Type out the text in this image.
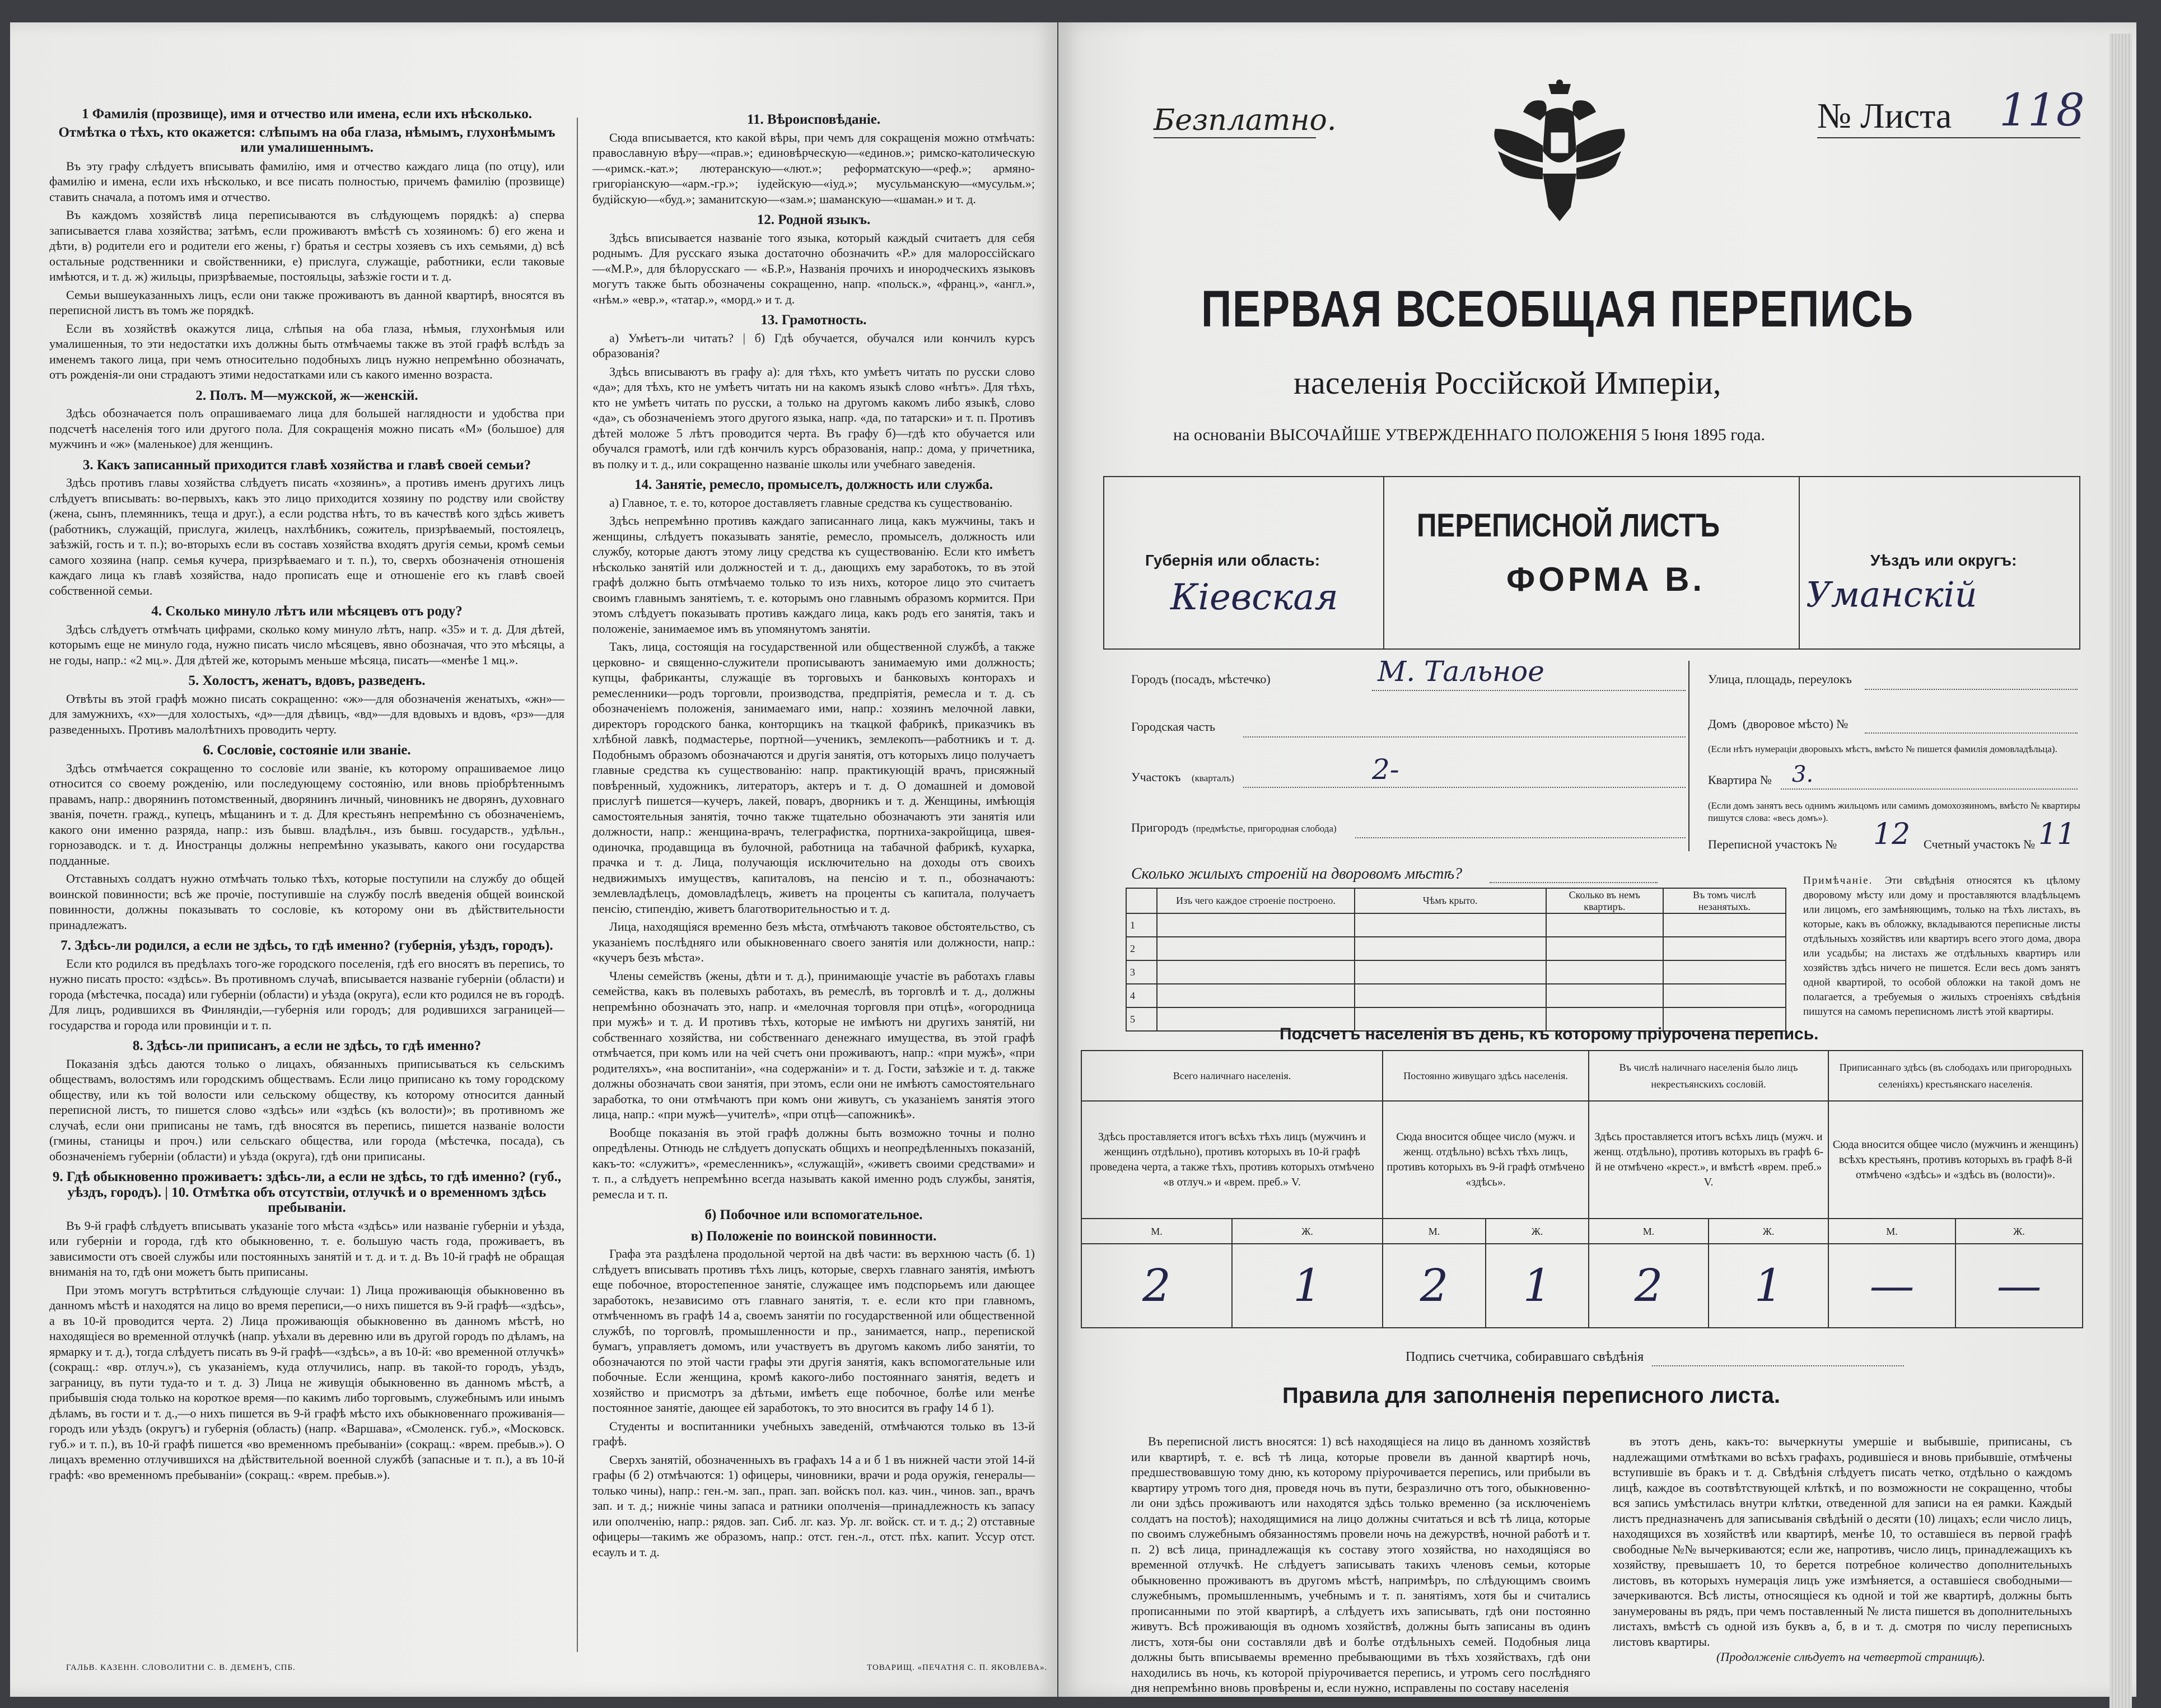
1 Фамилія (прозвище), имя и отчество или имена, если ихъ нѣсколько.

Отмѣтка о тѣхъ, кто окажется: слѣпымъ на оба глаза, нѣмымъ, глухонѣмымъ или умалишеннымъ.

Въ эту графу слѣдуетъ вписывать фамилію, имя и отчество каждаго лица (по отцу), или фамилію и имена, если ихъ нѣсколько, и все писать полностью, причемъ фамилію (прозвище) ставить сначала, а потомъ имя и отчество.

Въ каждомъ хозяйствѣ лица переписываются въ слѣдующемъ порядкѣ: а) сперва записывается глава хозяйства; затѣмъ, если проживаютъ вмѣстѣ съ хозяиномъ: б) его жена и дѣти, в) родители его и родители его жены, г) братья и сестры хозяевъ съ ихъ семьями, д) всѣ остальные родственники и свойственники, е) прислуга, служащіе, работники, если таковые имѣются, и т. д. ж) жильцы, призрѣваемые, постояльцы, заѣзжіе гости и т. д.

Семьи вышеуказанныхъ лицъ, если они также проживаютъ въ данной квартирѣ, вносятся въ переписной листъ въ томъ же порядкѣ.

Если въ хозяйствѣ окажутся лица, слѣпыя на оба глаза, нѣмыя, глухонѣмыя или умалишенныя, то эти недостатки ихъ должны быть отмѣчаемы также въ этой графѣ вслѣдъ за именемъ такого лица, при чемъ относительно подобныхъ лицъ нужно непремѣнно обозначать, отъ рожденія-ли они страдаютъ этими недостатками или съ какого именно возраста.

2. Полъ. М—мужской, ж—женскій.

Здѣсь обозначается полъ опрашиваемаго лица для большей наглядности и удобства при подсчетѣ населенія того или другого пола. Для сокращенія можно писать «М» (большое) для мужчинъ и «ж» (маленькое) для женщинъ.

3. Какъ записанный приходится главѣ хозяйства и главѣ своей семьи?

Здѣсь противъ главы хозяйства слѣдуетъ писать «хозяинъ», а противъ именъ другихъ лицъ слѣдуетъ вписывать: во-первыхъ, какъ это лицо приходится хозяину по родству или свойству (жена, сынъ, племянникъ, теща и друг.), а если родства нѣтъ, то въ качествѣ кого здѣсь живетъ (работникъ, служащій, прислуга, жилецъ, нахлѣбникъ, сожитель, призрѣваемый, постоялецъ, заѣзжій, гость и т. п.); во-вторыхъ если въ составъ хозяйства входятъ другія семьи, кромѣ семьи самого хозяина (напр. семья кучера, призрѣваемаго и т. п.), то, сверхъ обозначенія отношенія каждаго лица къ главѣ хозяйства, надо прописать еще и отношеніе его къ главѣ своей собственной семьи.

4. Сколько минуло лѣтъ или мѣсяцевъ отъ роду?

Здѣсь слѣдуетъ отмѣчать цифрами, сколько кому минуло лѣтъ, напр. «35» и т. д. Для дѣтей, которымъ еще не минуло года, нужно писать число мѣсяцевъ, явно обозначая, что это мѣсяцы, а не годы, напр.: «2 мц.». Для дѣтей же, которымъ меньше мѣсяца, писать—«менѣе 1 мц.».

5. Холостъ, женатъ, вдовъ, разведенъ.

Отвѣты въ этой графѣ можно писать сокращенно: «ж»—для обозначенія женатыхъ, «жн»—для замужнихъ, «х»—для холостыхъ, «д»—для дѣвицъ, «вд»—для вдовыхъ и вдовъ, «рз»—для разведенныхъ. Противъ малолѣтнихъ проводить черту.

6. Сословіе, состояніе или званіе.

Здѣсь отмѣчается сокращенно то сословіе или званіе, къ которому опрашиваемое лицо относится со своему рожденію, или последующему состоянію, или вновь пріобрѣтеннымъ правамъ, напр.: дворянинъ потомственный, дворянинъ личный, чиновникъ не дворянъ, духовнаго званія, почетн. гражд., купецъ, мѣщанинъ и т. д. Для крестьянъ непремѣнно съ обозначеніемъ, какого они именно разряда, напр.: изъ бывш. владѣльч., изъ бывш. государств., удѣльн., горнозаводск. и т. д. Иностранцы должны непремѣнно указывать, какого они государства подданные.

Отставныхъ солдатъ нужно отмѣчать только тѣхъ, которые поступили на службу до общей воинской повинности; всѣ же прочіе, поступившіе на службу послѣ введенія общей воинской повинности, должны показывать то сословіе, къ которому они въ дѣйствительности принадлежатъ.

7. Здѣсь-ли родился, а если не здѣсь, то гдѣ именно? (губернія, уѣздъ, городъ).

Если кто родился въ предѣлахъ того-же городского поселенія, гдѣ его вносятъ въ перепись, то нужно писать просто: «здѣсь». Въ противномъ случаѣ, вписывается названіе губерніи (области) и города (мѣстечка, посада) или губерніи (области) и уѣзда (округа), если кто родился не въ городѣ. Для лицъ, родившихся въ Финляндіи,—губернія или городъ; для родившихся заграницей—государства и города или провинціи и т. п.

8. Здѣсь-ли приписанъ, а если не здѣсь, то гдѣ именно?

Показанія здѣсь даются только о лицахъ, обязанныхъ приписываться къ сельскимъ обществамъ, волостямъ или городскимъ обществамъ. Если лицо приписано къ тому городскому обществу, или къ той волости или сельскому обществу, къ которому относится данный переписной листъ, то пишется слово «здѣсь» или «здѣсь (къ волости)»; въ противномъ же случаѣ, если они приписаны не тамъ, гдѣ вносятся въ перепись, пишется названіе волости (гмины, станицы и проч.) или сельскаго общества, или города (мѣстечка, посада), съ обозначеніемъ губерніи (области) и уѣзда (округа), гдѣ они приписаны.

9. Гдѣ обыкновенно проживаетъ: здѣсь-ли, а если не здѣсь, то гдѣ именно? (губ., уѣздъ, городъ). | 10. Отмѣтка объ отсутствіи, отлучкѣ и о временномъ здѣсь пребываніи.

Въ 9-й графѣ слѣдуетъ вписывать указаніе того мѣста «здѣсь» или названіе губерніи и уѣзда, или губерніи и города, гдѣ кто обыкновенно, т. е. большую часть года, проживаетъ, въ зависимости отъ своей службы или постоянныхъ занятій и т. д. и т. д. Въ 10-й графѣ не обращая вниманія на то, гдѣ они можетъ быть приписаны.

При этомъ могутъ встрѣтиться слѣдующіе случаи: 1) Лица проживающія обыкновенно въ данномъ мѣстѣ и находятся на лицо во время переписи,—о нихъ пишется въ 9-й графѣ—«здѣсь», а въ 10-й проводится черта. 2) Лица проживающія обыкновенно въ данномъ мѣстѣ, но находящіеся во временной отлучкѣ (напр. уѣхали въ деревню или въ другой городъ по дѣламъ, на ярмарку и т. д.), тогда слѣдуетъ писать въ 9-й графѣ—«здѣсь», а въ 10-й: «во временной отлучкѣ» (сокращ.: «вр. отлуч.»), съ указаніемъ, куда отлучились, напр. въ такой-то городъ, уѣздъ, заграницу, въ пути тудa-то и т. д. 3) Лица не живущія обыкновенно въ данномъ мѣстѣ, а прибывшія сюда только на короткое время—по какимъ либо торговымъ, служебнымъ или инымъ дѣламъ, въ гости и т. д.,—о нихъ пишется въ 9-й графѣ мѣсто ихъ обыкновеннаго проживанія—городъ или уѣздъ (округъ) и губернія (область) (напр. «Варшава», «Смоленск. губ.», «Московск. губ.» и т. п.), въ 10-й графѣ пишется «во временномъ пребываніи» (сокращ.: «врем. пребыв.»). О лицахъ временно отлучившихся на дѣйствительной военной службѣ (запасные и т. п.), а въ 10-й графѣ: «во временномъ пребываніи» (сокращ.: «врем. пребыв.»).

11. Вѣроисповѣданіе.

Сюда вписывается, кто какой вѣры, при чемъ для сокращенія можно отмѣчать: православную вѣру—«прав.»; единовѣрческую—«единов.»; римско-католическую—«римск.-кат.»; лютеранскую—«лют.»; реформатскую—«реф.»; армяно-григоріанскую—«арм.-гр.»; іудейскую—«іуд.»; мусульманскую—«мусульм.»; будійскую—«буд.»; заманитскую—«зам.»; шаманскую—«шаман.» и т. д.

12. Родной языкъ.

Здѣсь вписывается названіе того языка, который каждый считаетъ для себя роднымъ. Для русскаго языка достаточно обозначить «Р.» для малороссійскаго—«М.Р.», для бѣлорусскаго — «Б.Р.», Названія прочихъ и инородческихъ языковъ могутъ также быть обозначены сокращенно, напр. «польск.», «франц.», «англ.», «нѣм.» «евр.», «татар.», «морд.» и т. д.

13. Грамотность.

а) Умѣетъ-ли читать? | б) Гдѣ обучается, обучался или кончилъ курсъ образованія?

Здѣсь вписываютъ въ графу а): для тѣхъ, кто умѣетъ читать по русски слово «да»; для тѣхъ, кто не умѣетъ читать ни на какомъ языкѣ слово «нѣтъ». Для тѣхъ, кто не умѣетъ читать по русски, а только на другомъ какомъ либо языкѣ, слово «да», съ обозначеніемъ этого другого языка, напр. «да, по татарски» и т. п. Противъ дѣтей моложе 5 лѣтъ проводится черта. Въ графу б)—гдѣ кто обучается или обучался грамотѣ, или гдѣ кончилъ курсъ образованія, напр.: дома, у причетника, въ полку и т. д., или сокращенно названіе школы или учебнаго заведенія.

14. Занятіе, ремесло, промыселъ, должность или служба.

а) Главное, т. е. то, которое доставляетъ главные средства къ существованію.

Здѣсь непремѣнно противъ каждаго записаннаго лица, какъ мужчины, такъ и женщины, слѣдуетъ показывать занятіе, ремесло, промыселъ, должность или службу, которые даютъ этому лицу средства къ существованію. Если кто имѣетъ нѣсколько занятій или должностей и т. д., дающихъ ему заработокъ, то въ этой графѣ должно быть отмѣчаемо только то изъ нихъ, которое лицо это считаетъ своимъ главнымъ занятіемъ, т. е. которымъ оно главнымъ образомъ кормится. При этомъ слѣдуетъ показывать противъ каждаго лица, какъ родъ его занятія, такъ и положеніе, занимаемое имъ въ упомянутомъ занятіи.

Такъ, лица, состоящія на государственной или общественной службѣ, а также церковно- и священно-служители прописываютъ занимаемую ими должность; купцы, фабриканты, служащіе въ торговыхъ и банковыхъ конторахъ и ремесленники—родъ торговли, производства, предпріятія, ремесла и т. д. съ обозначеніемъ положенія, занимаемаго ими, напр.: хозяинъ мелочной лавки, директоръ городского банка, конторщикъ на ткацкой фабрикѣ, приказчикъ въ хлѣбной лавкѣ, подмастерье, портной—ученикъ, землекопъ—работникъ и т. д. Подобнымъ образомъ обозначаются и другія занятія, отъ которыхъ лицо получаетъ главные средства къ существованію: напр. практикующій врачъ, присяжный повѣренный, художникъ, литераторъ, актеръ и т. д. О домашней и домовой прислугѣ пишется—кучеръ, лакей, поваръ, дворникъ и т. д. Женщины, имѣющія самостоятельныя занятія, точно также тщательно обозначаютъ эти занятія или должности, напр.: женщина-врачъ, телеграфистка, портниха-закройщица, швея-одиночка, продавщица въ булочной, работница на табачной фабрикѣ, кухарка, прачка и т. д. Лица, получающія исключительно на доходы отъ своихъ недвижимыхъ имуществъ, капиталовъ, на пенсію и т. п., обозначаютъ: землевладѣлецъ, домовладѣлецъ, живетъ на проценты съ капитала, получаетъ пенсію, стипендію, живетъ благотворительностью и т. д.

Лица, находящіяся временно безъ мѣста, отмѣчаютъ таковое обстоятельство, съ указаніемъ послѣдняго или обыкновеннаго своего занятія или должности, напр.: «кучеръ безъ мѣста».

Члены семействъ (жены, дѣти и т. д.), принимающіе участіе въ работахъ главы семейства, какъ въ полевыхъ работахъ, въ ремеслѣ, въ торговлѣ и т. д., должны непремѣнно обозначать это, напр. и «мелочная торговля при отцѣ», «огородница при мужѣ» и т. д. И противъ тѣхъ, которые не имѣютъ ни другихъ занятій, ни собственнаго хозяйства, ни собственнаго денежнаго имущества, въ этой графѣ отмѣчается, при комъ или на чей счетъ они проживаютъ, напр.: «при мужѣ», «при родителяхъ», «на воспитаніи», «на содержаніи» и т. д. Гости, заѣзжіе и т. д. также должны обозначать свои занятія, при этомъ, если они не имѣютъ самостоятельнаго заработка, то они отмѣчаютъ при комъ они живутъ, съ указаніемъ занятія этого лица, напр.: «при мужѣ—учителѣ», «при отцѣ—сапожникѣ».

Вообще показанія въ этой графѣ должны быть возможно точны и полно опредѣлены. Отнюдь не слѣдуетъ допускать общихъ и неопредѣленныхъ показаній, какъ-то: «служитъ», «ремесленникъ», «служащій», «живетъ своими средствами» и т. п., а слѣдуетъ непремѣнно всегда называть какой именно родъ службы, занятія, ремесла и т. п.

б) Побочное или вспомогательное.
в) Положеніе по воинской повинности.

Графа эта раздѣлена продольной чертой на двѣ части: въ верхнюю часть (б. 1) слѣдуетъ вписывать противъ тѣхъ лицъ, которые, сверхъ главнаго занятія, имѣютъ еще побочное, второстепенное занятіе, служащее имъ подспорьемъ или дающее заработокъ, независимо отъ главнаго занятія, т. е. если кто при главномъ, отмѣченномъ въ графѣ 14 а, своемъ занятіи по государственной или общественной службѣ, по торговлѣ, промышленности и пр., занимается, напр., перепиской бумагъ, управляетъ домомъ, или участвуетъ въ другомъ какомъ либо занятіи, то обозначаются по этой части графы эти другія занятія, какъ вспомогательные или побочные. Если женщина, кромѣ какого-либо постояннаго занятія, ведетъ и хозяйство и присмотръ за дѣтьми, имѣетъ еще побочное, болѣе или менѣе постоянное занятіе, дающее ей заработокъ, то это вносится въ графу 14 б 1).

Студенты и воспитанники учебныхъ заведеній, отмѣчаются только въ 13-й графѣ.

Сверхъ занятій, обозначенныхъ въ графахъ 14 а и б 1 въ нижней части этой 14-й графы (б 2) отмѣчаются: 1) офицеры, чиновники, врачи и рода оружія, генералы—только чины), напр.: ген.-м. зап., прап. зап. войскъ пол. каз. чин., чинов. зап., врачъ зап. и т. д.; нижніе чины запаса и ратники ополченія—принадлежность къ запасу или ополченію, напр.: рядов. зап. Сиб. лг. каз. Ур. лг. войск. ст. и т. д.; 2) отставные офицеры—такимъ же образомъ, напр.: отст. ген.-л., отст. пѣх. капит. Уссур отст. есаулъ и т. д.

ГАЛЬВ. КАЗЕНН. СЛОВОЛИТНИ С. В. ДЕМЕНЪ, СПБ.	ТОВАРИЩ. «ПЕЧАТНЯ С. П. ЯКОВЛЕВА».
Безплатно.	№ Листа 118
ПЕРВАЯ ВСЕОБЩАЯ ПЕРЕПИСЬ
населенія Россійской Имперіи,
на основаніи ВЫСОЧАЙШЕ УТВЕРЖДЕННАГО ПОЛОЖЕНІЯ 5 Іюня 1895 года.
Губернія или область:
Кіевская
ПЕРЕПИСНОЙ ЛИСТЪ
ФОРМА В.
Уѣздъ или округъ:
Уманскій
Городъ (посадъ, мѣстечко)	М. Тальное
Городская часть
Участокъ (кварталъ)	2-
Пригородъ (предмѣстье, пригородная слобода)
Улица, площадь, переулокъ
Домъ (дворовое мѣсто) №
(Если нѣтъ нумераціи дворовыхъ мѣстъ, вмѣсто № пишется фамилія домовладѣльца).
Квартира № 3.
(Если домъ занятъ весь однимъ жильцомъ или самимъ домохозяиномъ, вмѣсто № квартиры пишутся слова: «весь домъ»).
Переписной участокъ № 12 Счетный участокъ № 11
Сколько жилыхъ строеній на дворовомъ мѣстѣ?
	Изъ чего каждое строеніе построено.	Чѣмъ крыто.	Сколько въ немъ квартиръ.	Въ томъ числѣ незанятыхъ.
1				
2				
3				
4				
5				
Примѣчаніе. Эти свѣдѣнія относятся къ цѣлому дворовому мѣсту или дому и проставляются владѣльцемъ или лицомъ, его замѣняющимъ, только на тѣхъ листахъ, въ которые, какъ въ обложку, вкладываются переписные листы отдѣльныхъ хозяйствъ или квартиръ всего этого дома, двора или усадьбы; на листахъ же отдѣльныхъ квартиръ или хозяйствъ здѣсь ничего не пишется. Если весь домъ занятъ одной квартирой, то особой обложки на такой домъ не полагается, а требуемыя о жилыхъ строеніяхъ свѣдѣнія пишутся на самомъ переписномъ листѣ этой квартиры.
Подсчетъ населенія въ день, къ которому пріурочена перепись.
Всего наличнаго населенія.		Постоянно живущаго здѣсь населенія.		Въ числѣ наличнаго населенія было лицъ некрестьянскихъ сословій.		Приписаннаго здѣсь (въ слободахъ или пригородныхъ селеніяхъ) крестьянскаго населенія.	
Здѣсь проставляется итогъ всѣхъ тѣхъ лицъ (мужчинъ и женщинъ отдѣльно), противъ которыхъ въ 10-й графѣ проведена черта, а также тѣхъ, противъ которыхъ отмѣчено «в отлуч.» и «врем. преб.» V.		Сюда вносится общее число (мужч. и женщ. отдѣльно) всѣхъ тѣхъ лицъ, противъ которыхъ въ 9-й графѣ отмѣчено «здѣсь».		Здѣсь проставляется итогъ всѣхъ лицъ (мужч. и женщ. отдѣльно), противъ которыхъ въ графѣ 6-й не отмѣчено «крест.», и вмѣстѣ «врем. преб.» V.		Сюда вносится общее число (мужчинъ и женщинъ) всѣхъ крестьянъ, противъ которыхъ въ графѣ 8-й отмѣчено «здѣсь» и «здѣсь въ (волости)».	
М.	Ж.	М.	Ж.	М.	Ж.	М.	Ж.
2	1	2	1	2	1	—	—
Подпись счетчика, собиравшаго свѣдѣнія
Правила для заполненія переписного листа.

Въ переписной листъ вносятся: 1) всѣ находящіеся на лицо въ данномъ хозяйствѣ или квартирѣ, т. е. всѣ тѣ лица, которые провели въ данной квартирѣ ночь, предшествовавшую тому дню, къ которому пріурочивается перепись, или прибыли въ квартиру утромъ того дня, проведя ночь въ пути, безразлично отъ того, обыкновенно-ли они здѣсь проживаютъ или находятся здѣсь только временно (за исключеніемъ солдатъ на постоѣ); находящимися на лицо должны считаться и всѣ тѣ лица, которые по своимъ служебнымъ обязанностямъ провели ночь на дежурствѣ, ночной работѣ и т. п. 2) всѣ лица, принадлежащія къ составу этого хозяйства, но находящіяся во временной отлучкѣ. Не слѣдуетъ записывать такихъ членовъ семьи, которые обыкновенно проживаютъ въ другомъ мѣстѣ, напримѣръ, по слѣдующимъ своимъ служебнымъ, промышленнымъ, учебнымъ и т. п. занятіямъ, хотя бы и считались прописанными по этой квартирѣ, а слѣдуетъ ихъ записывать, гдѣ они постоянно живутъ. Всѣ проживающія въ одномъ хозяйствѣ, должны быть записаны въ одинъ листъ, хотя-бы они составляли двѣ и болѣе отдѣльныхъ семей. Подобныя лица должны быть вписываемы временно пребывающими въ тѣхъ хозяйствахъ, гдѣ они находились въ ночь, къ которой пріурочивается перепись, и утромъ сего послѣдняго дня непремѣнно вновь провѣрены и, если нужно, исправлены по составу населенія

въ этотъ день, какъ-то: вычеркнуты умершіе и выбывшіе, приписаны, съ надлежащими отмѣтками во всѣхъ графахъ, родившіеся и вновь прибывшіе, отмѣчены вступившіе въ бракъ и т. д. Свѣдѣнія слѣдуетъ писать четко, отдѣльно о каждомъ лицѣ, каждое въ соотвѣтствующей клѣткѣ, и по возможности не сокращенно, чтобы вся запись умѣстилась внутри клѣтки, отведенной для записи на ея рамки. Каждый листъ предназначенъ для записыванія свѣдѣній о десяти (10) лицахъ; если число лицъ, находящихся въ хозяйствѣ или квартирѣ, менѣе 10, то оставшіеся въ первой графѣ свободные №№ вычеркиваются; если же, напротивъ, число лицъ, принадлежащихъ къ хозяйству, превышаетъ 10, то берется потребное количество дополнительныхъ листовъ, въ которыхъ нумерація лицъ уже измѣняется, а оставшіеся свободными—зачеркиваются. Всѣ листы, относящіеся къ одной и той же квартирѣ, должны быть занумерованы въ рядъ, при чемъ поставленный № листа пишется въ дополнительныхъ листахъ, вмѣстѣ съ одной изъ буквъ а, б, в и т. д. смотря по числу переписныхъ листовъ квартиры.

(Продолженіе слѣдуетъ на четвертой страницѣ).
